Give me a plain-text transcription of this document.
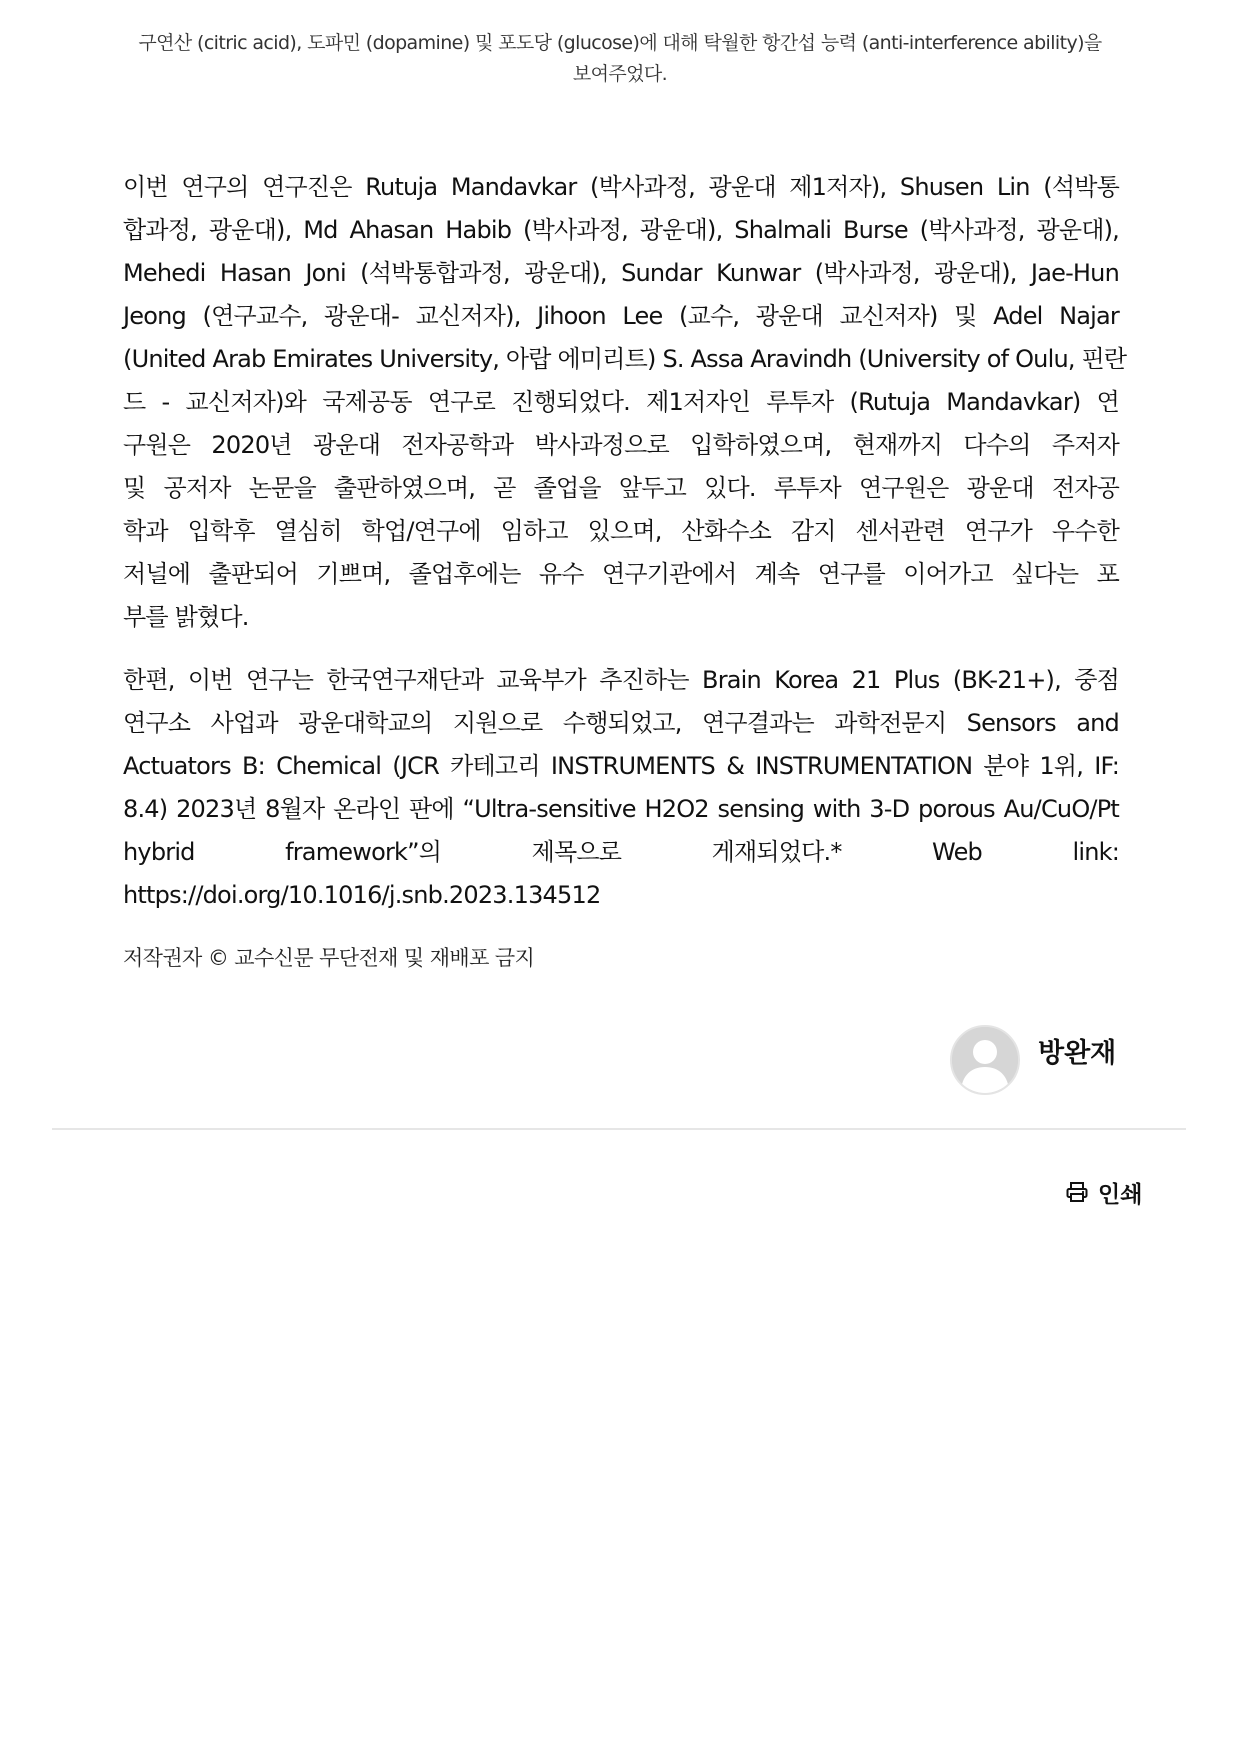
구연산 (citric acid), 도파민 (dopamine) 및 포도당 (glucose)에 대해 탁월한 항간섭 능력 (anti-interference ability)을
보여주었다.

이번 연구의 연구진은 Rutuja Mandavkar (박사과정, 광운대 제1저자), Shusen Lin (석박통
합과정, 광운대), Md Ahasan Habib (박사과정, 광운대), Shalmali Burse (박사과정, 광운대),
Mehedi Hasan Joni (석박통합과정, 광운대), Sundar Kunwar (박사과정, 광운대), Jae-Hun
Jeong (연구교수, 광운대- 교신저자), Jihoon Lee (교수, 광운대 교신저자) 및 Adel Najar
(United Arab Emirates University, 아랍 에미리트) S. Assa Aravindh (University of Oulu, 핀란
드 - 교신저자)와 국제공동 연구로 진행되었다. 제1저자인 루투자 (Rutuja Mandavkar) 연
구원은 2020년 광운대 전자공학과 박사과정으로 입학하였으며, 현재까지 다수의 주저자
및 공저자 논문을 출판하였으며, 곧 졸업을 앞두고 있다. 루투자 연구원은 광운대 전자공
학과 입학후 열심히 학업/연구에 임하고 있으며, 산화수소 감지 센서관련 연구가 우수한
저널에 출판되어 기쁘며, 졸업후에는 유수 연구기관에서 계속 연구를 이어가고 싶다는 포
부를 밝혔다.

한편, 이번 연구는 한국연구재단과 교육부가 추진하는 Brain Korea 21 Plus (BK-21+), 중점
연구소 사업과 광운대학교의 지원으로 수행되었고, 연구결과는 과학전문지 Sensors and
Actuators B: Chemical (JCR 카테고리 INSTRUMENTS & INSTRUMENTATION 분야 1위, IF:
8.4) 2023년 8월자 온라인 판에 “Ultra-sensitive H2O2 sensing with 3-D porous Au/CuO/Pt
hybrid framework”의 제목으로 게재되었다.* Web link:
https://doi.org/10.1016/j.snb.2023.134512

저작권자 © 교수신문 무단전재 및 재배포 금지
방완재
인쇄
